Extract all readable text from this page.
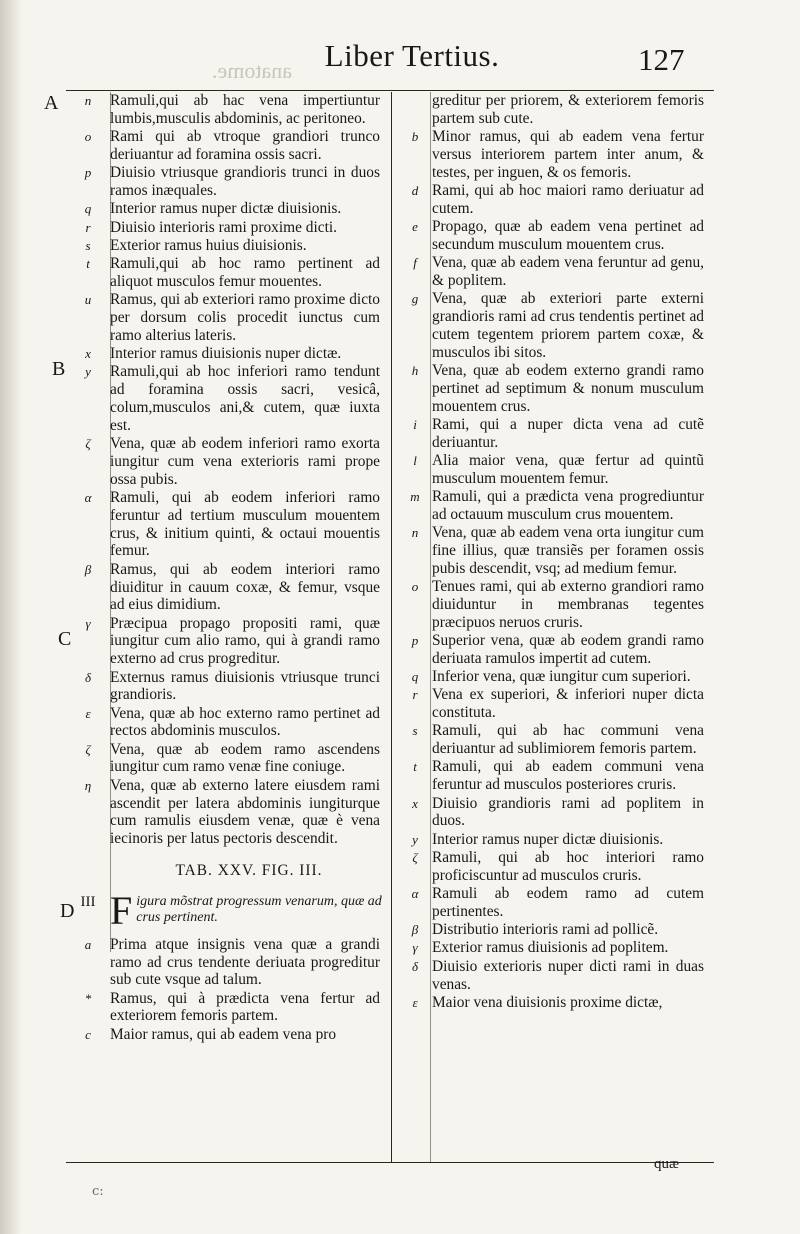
anatome.	Liber Tertius.	127
A
B
C
D
n	Ramuli,qui ab hac vena impertiuntur lumbis,musculis abdominis, ac peritoneo.
o	Rami qui ab vtroque grandiori trunco deriuantur ad foramina ossis sacri.
p	Diuisio vtriusque grandioris trunci in duos ramos inæquales.
q	Interior ramus nuper dictæ diuisionis.
r	Diuisio interioris rami proxime dicti.
s	Exterior ramus huius diuisionis.
t	Ramuli,qui ab hoc ramo pertinent ad aliquot musculos femur mouentes.
u	Ramus, qui ab exteriori ramo proxime dicto per dorsum colis procedit iunctus cum ramo alterius lateris.
x	Interior ramus diuisionis nuper dictæ.
y	Ramuli,qui ab hoc inferiori ramo tendunt ad foramina ossis sacri, vesicâ, colum,musculos ani,& cutem, quæ iuxta est.
ζ	Vena, quæ ab eodem inferiori ramo exorta iungitur cum vena exterioris rami prope ossa pubis.
α	Ramuli, qui ab eodem inferiori ramo feruntur ad tertium musculum mouentem crus, & initium quinti, & octaui mouentis femur.
β	Ramus, qui ab eodem interiori ramo diuiditur in cauum coxæ, & femur, vsque ad eius dimidium.
γ	Præcipua propago propositi rami, quæ iungitur cum alio ramo, qui à grandi ramo externo ad crus progreditur.
δ	Externus ramus diuisionis vtriusque trunci grandioris.
ε	Vena, quæ ab hoc externo ramo pertinet ad rectos abdominis musculos.
ζ	Vena, quæ ab eodem ramo ascendens iungitur cum ramo venæ fine coniuge.
η	Vena, quæ ab externo latere eiusdem rami ascendit per latera abdominis iungiturque cum ramulis eiusdem venæ, quæ è vena iecinoris per latus pectoris descendit.
TAB. XXV. FIG. III.
III Figura mõstrat progressum venarum, quæ ad crus pertinent.
a	Prima atque insignis vena quæ a grandi ramo ad crus tendente deriuata progreditur sub cute vsque ad talum.
*	Ramus, qui à prædicta vena fertur ad exteriorem femoris partem.
c	Maior ramus, qui ab eadem vena pro
greditur per priorem, & exteriorem femoris partem sub cute.
b Minor ramus, qui ab eadem vena fertur versus interiorem partem inter anum, & testes, per inguen, & os femoris.
d Rami, qui ab hoc maiori ramo deriuatur ad cutem.
e Propago, quæ ab eadem vena pertinet ad secundum musculum mouentem crus.
f Vena, quæ ab eadem vena feruntur ad genu, & poplitem.
g Vena, quæ ab exteriori parte externi grandioris rami ad crus tendentis pertinet ad cutem tegentem priorem partem coxæ, & musculos ibi sitos.
h Vena, quæ ab eodem externo grandi ramo pertinet ad septimum & nonum musculum mouentem crus.
i Rami, qui a nuper dicta vena ad cutẽ deriuantur.
l Alia maior vena, quæ fertur ad quintũ musculum mouentem femur.
m Ramuli, qui a prædicta vena progrediuntur ad octauum musculum crus mouentem.
n Vena, quæ ab eadem vena orta iungitur cum fine illius, quæ transiẽs per foramen ossis pubis descendit, vsq; ad medium femur.
o Tenues rami, qui ab externo grandiori ramo diuiduntur in membranas tegentes præcipuos neruos cruris.
p Superior vena, quæ ab eodem grandi ramo deriuata ramulos impertit ad cutem.
q Inferior vena, quæ iungitur cum superiori.
r Vena ex superiori, & inferiori nuper dicta constituta.
s Ramuli, qui ab hac communi vena deriuantur ad sublimiorem femoris partem.
t Ramuli, qui ab eadem communi vena feruntur ad musculos posteriores cruris.
x Diuisio grandioris rami ad poplitem in duos.
y Interior ramus nuper dictæ diuisionis.
ζ Ramuli, qui ab hoc interiori ramo proficiscuntur ad musculos cruris.
α Ramuli ab eodem ramo ad cutem pertinentes.
β Distributio interioris rami ad pollicẽ.
γ Exterior ramus diuisionis ad poplitem.
δ Diuisio exterioris nuper dicti rami in duas venas.
ε Maior vena diuisionis proxime dictæ,
quæ
c:
